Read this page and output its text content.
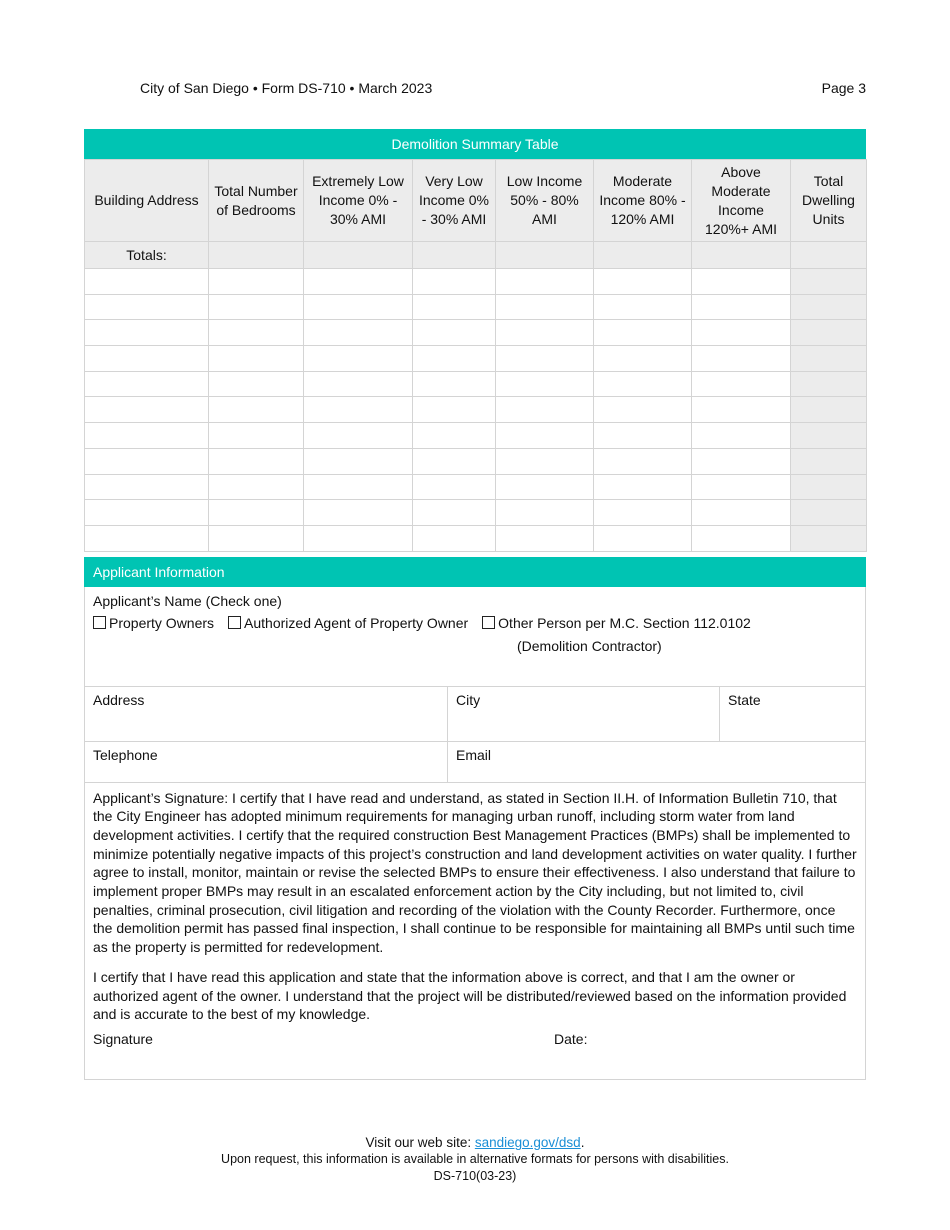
City of San Diego • Form DS-710 • March 2023	Page 3
Demolition Summary Table
Building Address	Total Number of Bedrooms	Extremely Low Income 0% - 30% AMI	Very Low Income 0% - 30% AMI	Low Income 50% - 80% AMI	Moderate Income 80% - 120% AMI	Above Moderate Income 120%+ AMI	Total Dwelling Units
Totals:							

Applicant Information
Applicant’s Name (Check one)
Property Owners Authorized Agent of Property Owner Other Person per M.C. Section 112.0102
(Demolition Contractor)
Address	City	State
Telephone	Email

Applicant’s Signature: I certify that I have read and understand, as stated in Section II.H. of Information Bulletin 710, that the City Engineer has adopted minimum requirements for managing urban runoff, including storm water from land development activities. I certify that the required construction Best Management Practices (BMPs) shall be implemented to minimize potentially negative impacts of this project’s construction and land development activities on water quality. I further agree to install, monitor, maintain or revise the selected BMPs to ensure their effectiveness. I also understand that failure to implement proper BMPs may result in an escalated enforcement action by the City including, but not limited to, civil penalties, criminal prosecution, civil litigation and recording of the violation with the County Recorder. Furthermore, once the demolition permit has passed final inspection, I shall continue to be responsible for maintaining all BMPs until such time as the property is permitted for redevelopment.

I certify that I have read this application and state that the information above is correct, and that I am the owner or authorized agent of the owner. I understand that the project will be distributed/reviewed based on the information provided and is accurate to the best of my knowledge.

Signature	Date:
Visit our web site: sandiego.gov/dsd.
Upon request, this information is available in alternative formats for persons with disabilities.
DS-710(03-23)
